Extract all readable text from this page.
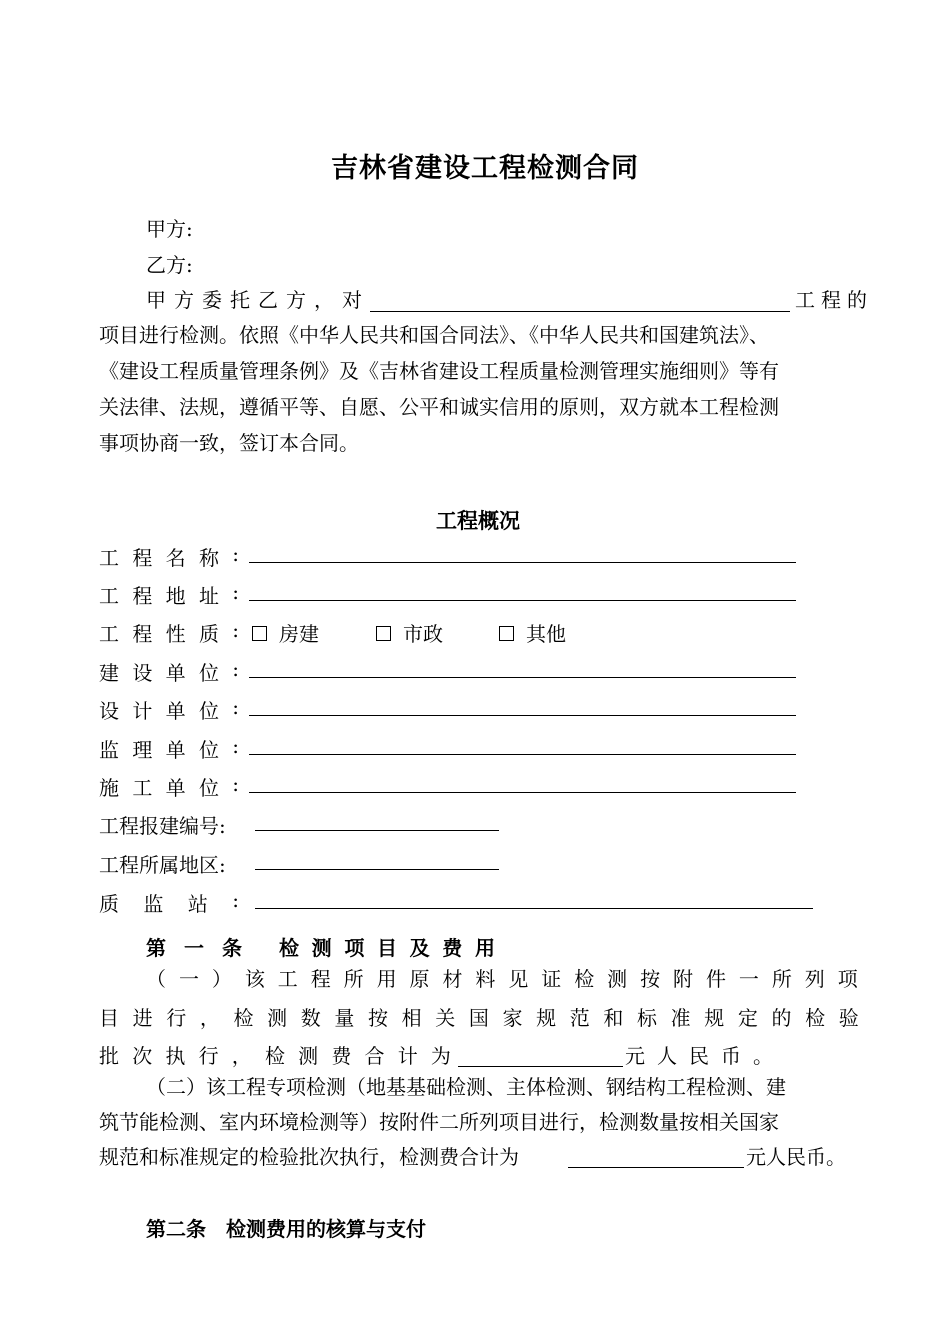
吉林省建设工程检测合同
甲方:
乙方:
甲 方 委 托 乙 方 ， 对	工 程 的
项目进行检测。依照《中华人民共和国合同法》、《中华人民共和国建筑法》、
《建设工程质量管理条例》及《吉林省建设工程质量检测管理实施细则》等有
关法律、法规，遵循平等、自愿、公平和诚实信用的原则，双方就本工程检测
事项协商一致，签订本合同。
工程概况
工 程 名 称 :
工 程 地 址 :
工 程 性 质 :	房建	市政	其他
建 设 单 位 :
设 计 单 位 :
监 理 单 位 :
施 工 单 位 :
工程报建编号:
工程所属地区:
质 监 站 :
第 一 条 检 测 项 目 及 费 用
（ 一 ） 该 工 程 所 用 原 材 料 见 证 检 测 按 附 件 一 所 列 项
目 进 行 ， 检 测 数 量 按 相 关 国 家 规 范 和 标 准 规 定 的 检 验
批 次 执 行 ， 检 测 费 合 计 为	元 人 民 币 。
（二）该工程专项检测（地基基础检测、主体检测、钢结构工程检测、建
筑节能检测、室内环境检测等）按附件二所列项目进行，检测数量按相关国家
规范和标准规定的检验批次执行，检测费合计为	元人民币。
第二条　检测费用的核算与支付
